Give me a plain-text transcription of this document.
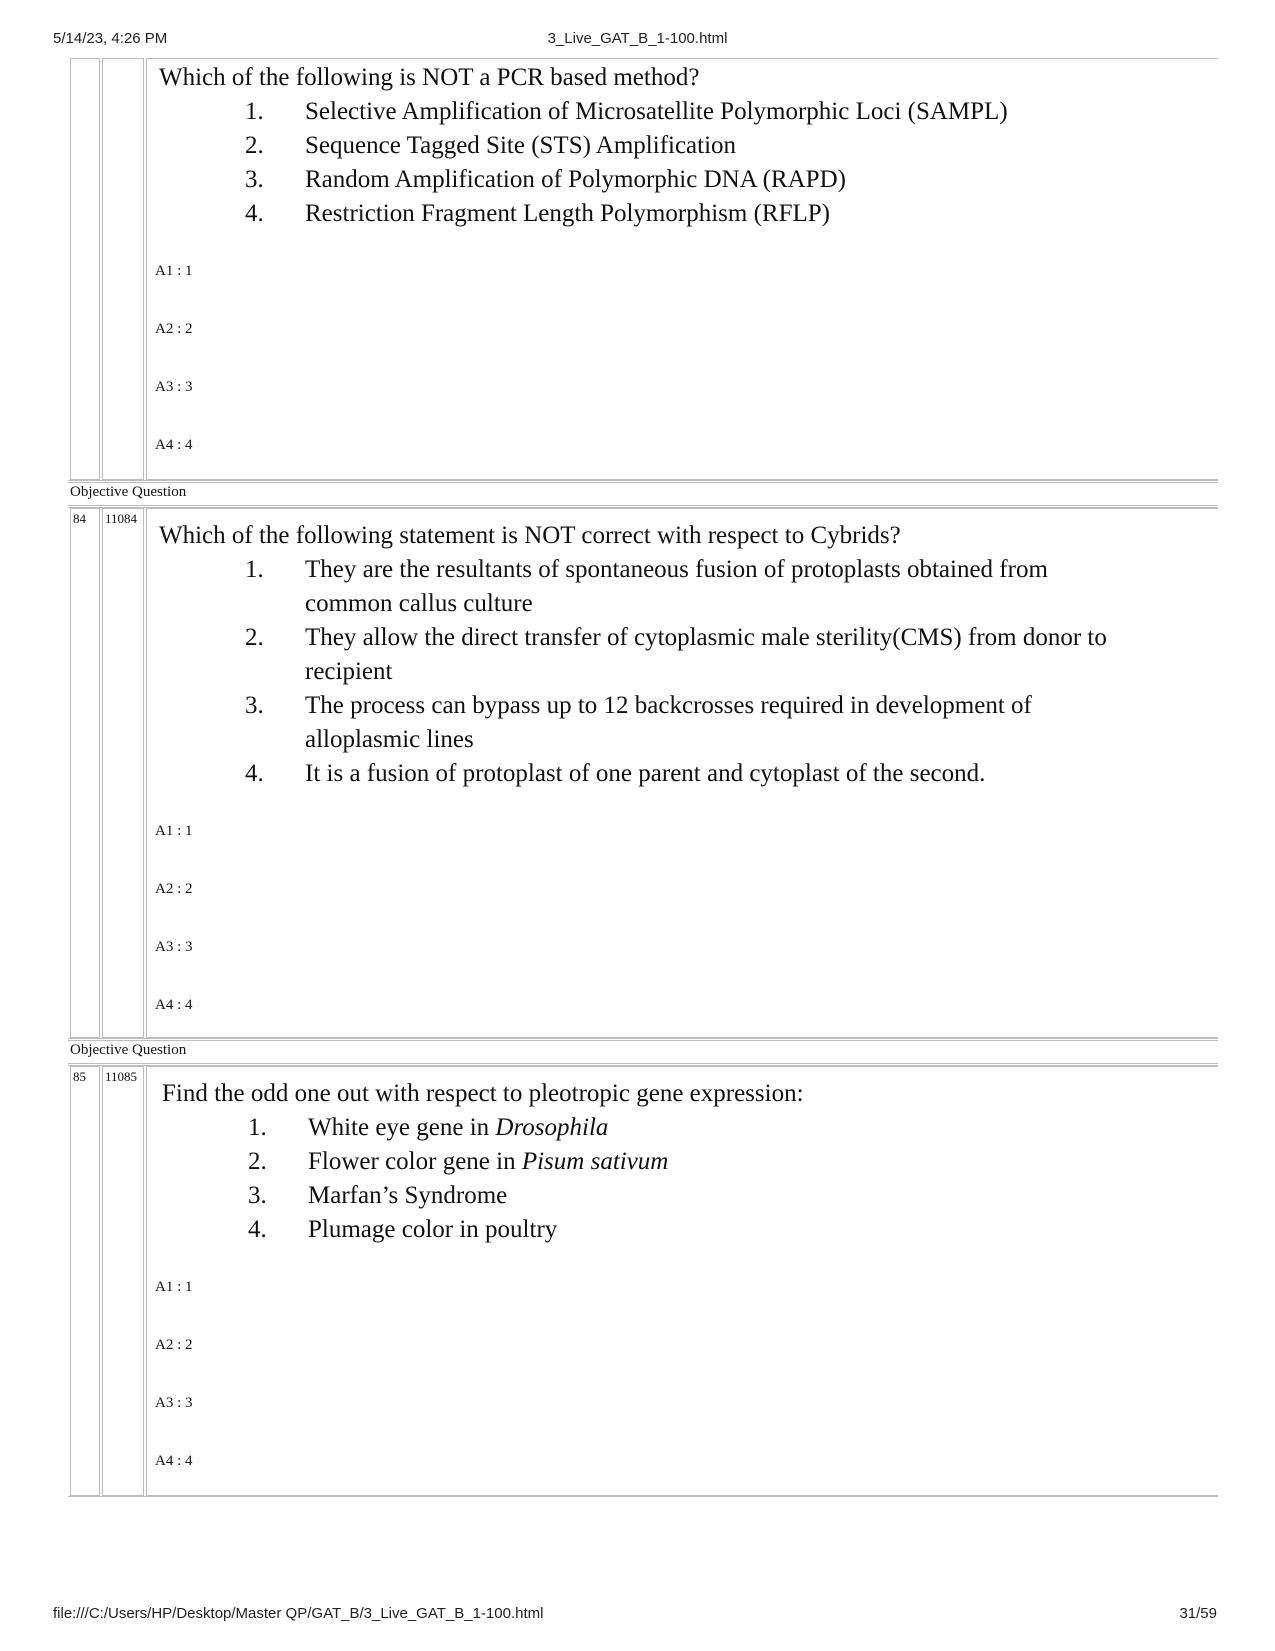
5/14/23, 4:26 PM	3_Live_GAT_B_1-100.html

Which of the following is NOT a PCR based method?

1.	Selective Amplification of Microsatellite Polymorphic Loci (SAMPL)
2.	Sequence Tagged Site (STS) Amplification
3.	Random Amplification of Polymorphic DNA (RAPD)
4.	Restriction Fragment Length Polymorphism (RFLP)
A1 : 1
A2 : 2
A3 : 3
A4 : 4
Objective Question
84	11084

Which of the following statement is NOT correct with respect to Cybrids?

1.	They are the resultants of spontaneous fusion of protoplasts obtained from common callus culture
2.	They allow the direct transfer of cytoplasmic male sterility(CMS) from donor to recipient
3.	The process can bypass up to 12 backcrosses required in development of alloplasmic lines
4.	It is a fusion of protoplast of one parent and cytoplast of the second.
A1 : 1
A2 : 2
A3 : 3
A4 : 4
Objective Question
85	11085

Find the odd one out with respect to pleotropic gene expression:

1.	White eye gene in Drosophila
2.	Flower color gene in Pisum sativum
3.	Marfan’s Syndrome
4.	Plumage color in poultry
A1 : 1
A2 : 2
A3 : 3
A4 : 4
file:///C:/Users/HP/Desktop/Master QP/GAT_B/3_Live_GAT_B_1-100.html	31/59
